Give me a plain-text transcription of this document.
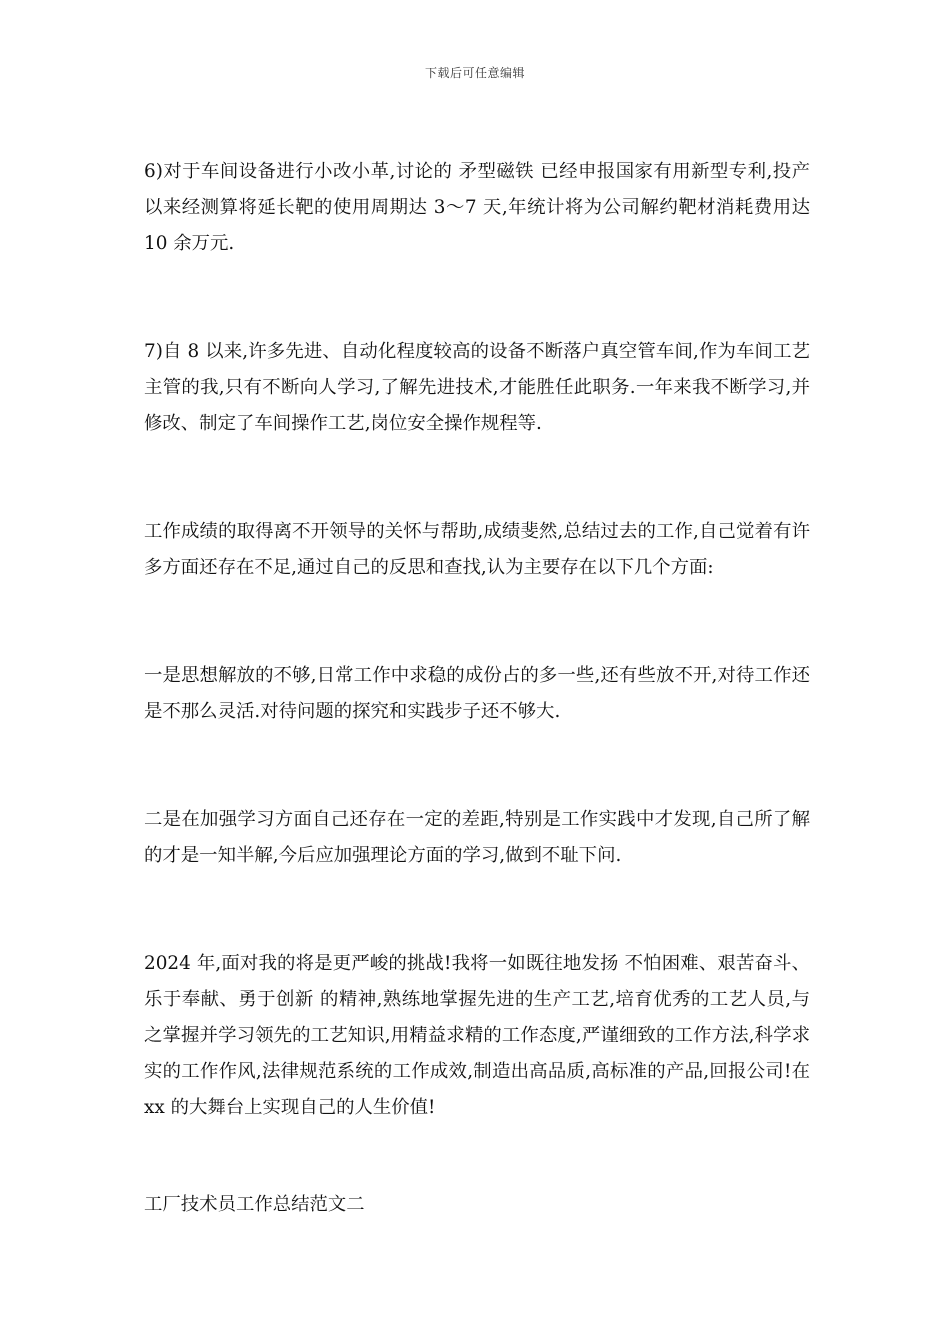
下载后可任意编辑

6)对于车间设备进行小改小革,讨论的 矛型磁铁 已经申报国家有用新型专利,投产以来经测算将延长靶的使用周期达 3～7 天,年统计将为公司解约靶材消耗费用达 10 余万元.

7)自 8 以来,许多先进、自动化程度较高的设备不断落户真空管车间,作为车间工艺主管的我,只有不断向人学习,了解先进技术,才能胜任此职务.一年来我不断学习,并修改、制定了车间操作工艺,岗位安全操作规程等.

工作成绩的取得离不开领导的关怀与帮助,成绩斐然,总结过去的工作,自己觉着有许多方面还存在不足,通过自己的反思和查找,认为主要存在以下几个方面:

一是思想解放的不够,日常工作中求稳的成份占的多一些,还有些放不开,对待工作还是不那么灵活.对待问题的探究和实践步子还不够大.

二是在加强学习方面自己还存在一定的差距,特别是工作实践中才发现,自己所了解的才是一知半解,今后应加强理论方面的学习,做到不耻下问.

2024 年,面对我的将是更严峻的挑战!我将一如既往地发扬 不怕困难、艰苦奋斗、乐于奉献、勇于创新 的精神,熟练地掌握先进的生产工艺,培育优秀的工艺人员,与之掌握并学习领先的工艺知识,用精益求精的工作态度,严谨细致的工作方法,科学求实的工作作风,法律规范系统的工作成效,制造出高品质,高标准的产品,回报公司!在 xx 的大舞台上实现自己的人生价值!

工厂技术员工作总结范文二
